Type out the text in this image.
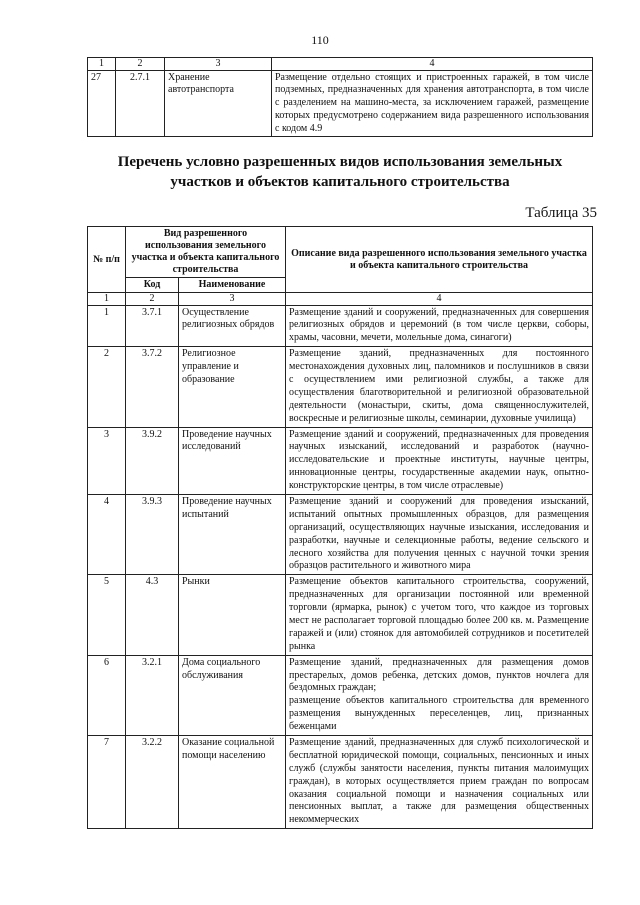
110
1	2	3	4
27	2.7.1	Хранение автотранспорта	Размещение отдельно стоящих и пристроенных гаражей, в том числе подземных, предназначенных для хранения автотранспорта, в том числе с разделением на машино-места, за исключением гаражей, размещение которых предусмотрено содержанием вида разрешенного использования с кодом 4.9
Перечень условно разрешенных видов использования земельных
участков и объектов капитального строительства
Таблица 35
№ п/п	Вид разрешенного использования земельного участка и объекта капитального строительства		Описание вида разрешенного использования земельного участка и объекта капитального строительства
	Код	Наименование	
1	2	3	4
1	3.7.1	Осуществление религиозных обрядов	Размещение зданий и сооружений, предназначенных для совершения религиозных обрядов и церемоний (в том числе церкви, соборы, храмы, часовни, мечети, молельные дома, синагоги)
2	3.7.2	Религиозное управление и образование	Размещение зданий, предназначенных для постоянного местонахождения духовных лиц, паломников и послушников в связи с осуществлением ими религиозной службы, а также для осуществления благотворительной и религиозной образовательной деятельности (монастыри, скиты, дома священнослужителей, воскресные и религиозные школы, семинарии, духовные училища)
3	3.9.2	Проведение научных исследований	Размещение зданий и сооружений, предназначенных для проведения научных изысканий, исследований и разработок (научно-исследовательские и проектные институты, научные центры, инновационные центры, государственные академии наук, опытно-конструкторские центры, в том числе отраслевые)
4	3.9.3	Проведение научных испытаний	Размещение зданий и сооружений для проведения изысканий, испытаний опытных промышленных образцов, для размещения организаций, осуществляющих научные изыскания, исследования и разработки, научные и селекционные работы, ведение сельского и лесного хозяйства для получения ценных с научной точки зрения образцов растительного и животного мира
5	4.3	Рынки	Размещение объектов капитального строительства, сооружений, предназначенных для организации постоянной или временной торговли (ярмарка, рынок) с учетом того, что каждое из торговых мест не располагает торговой площадью более 200 кв. м. Размещение гаражей и (или) стоянок для автомобилей сотрудников и посетителей рынка
6	3.2.1	Дома социального обслуживания	Размещение зданий, предназначенных для размещения домов престарелых, домов ребенка, детских домов, пунктов ночлега для бездомных граждан;
размещение объектов капитального строительства для временного размещения вынужденных переселенцев, лиц, признанных беженцами

7	3.2.2	Оказание социальной помощи населению	Размещение зданий, предназначенных для служб психологической и бесплатной юридической помощи, социальных, пенсионных и иных служб (службы занятости населения, пункты питания малоимущих граждан), в которых осуществляется прием граждан по вопросам оказания социальной помощи и назначения социальных или пенсионных выплат, а также для размещения общественных некоммерческих
